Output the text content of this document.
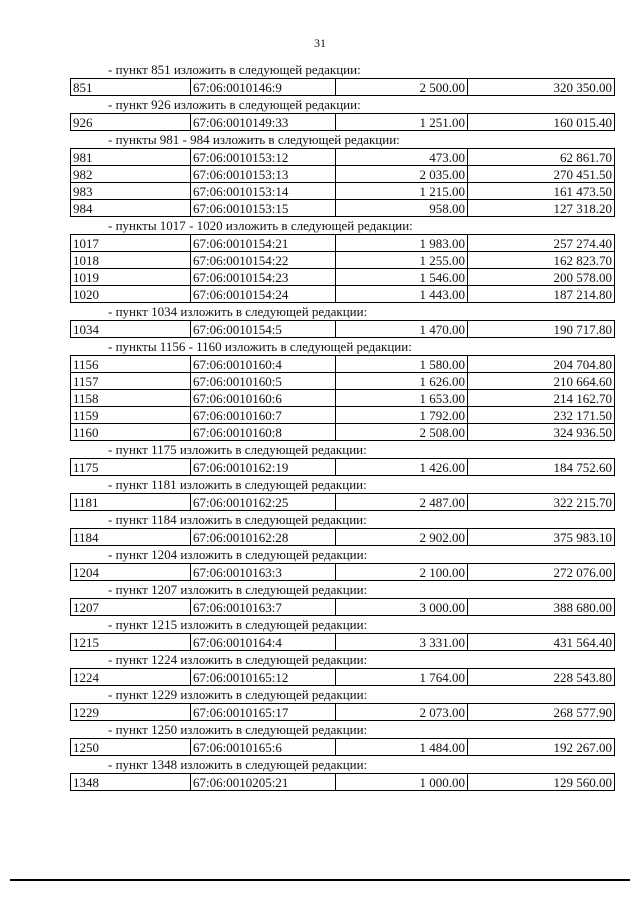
31
- пункт 851 изложить в следующей редакции:
851	67:06:0010146:9	2 500.00	320 350.00
- пункт 926 изложить в следующей редакции:
926	67:06:0010149:33	1 251.00	160 015.40
- пункты 981 - 984 изложить в следующей редакции:
981	67:06:0010153:12	473.00	62 861.70
982	67:06:0010153:13	2 035.00	270 451.50
983	67:06:0010153:14	1 215.00	161 473.50
984	67:06:0010153:15	958.00	127 318.20
- пункты 1017 - 1020 изложить в следующей редакции:
1017	67:06:0010154:21	1 983.00	257 274.40
1018	67:06:0010154:22	1 255.00	162 823.70
1019	67:06:0010154:23	1 546.00	200 578.00
1020	67:06:0010154:24	1 443.00	187 214.80
- пункт 1034 изложить в следующей редакции:
1034	67:06:0010154:5	1 470.00	190 717.80
- пункты 1156 - 1160 изложить в следующей редакции:
1156	67:06:0010160:4	1 580.00	204 704.80
1157	67:06:0010160:5	1 626.00	210 664.60
1158	67:06:0010160:6	1 653.00	214 162.70
1159	67:06:0010160:7	1 792.00	232 171.50
1160	67:06:0010160:8	2 508.00	324 936.50
- пункт 1175 изложить в следующей редакции:
1175	67:06:0010162:19	1 426.00	184 752.60
- пункт 1181 изложить в следующей редакции:
1181	67:06:0010162:25	2 487.00	322 215.70
- пункт 1184 изложить в следующей редакции:
1184	67:06:0010162:28	2 902.00	375 983.10
- пункт 1204 изложить в следующей редакции:
1204	67:06:0010163:3	2 100.00	272 076.00
- пункт 1207 изложить в следующей редакции:
1207	67:06:0010163:7	3 000.00	388 680.00
- пункт 1215 изложить в следующей редакции:
1215	67:06:0010164:4	3 331.00	431 564.40
- пункт 1224 изложить в следующей редакции:
1224	67:06:0010165:12	1 764.00	228 543.80
- пункт 1229 изложить в следующей редакции:
1229	67:06:0010165:17	2 073.00	268 577.90
- пункт 1250 изложить в следующей редакции:
1250	67:06:0010165:6	1 484.00	192 267.00
- пункт 1348 изложить в следующей редакции:
1348	67:06:0010205:21	1 000.00	129 560.00
